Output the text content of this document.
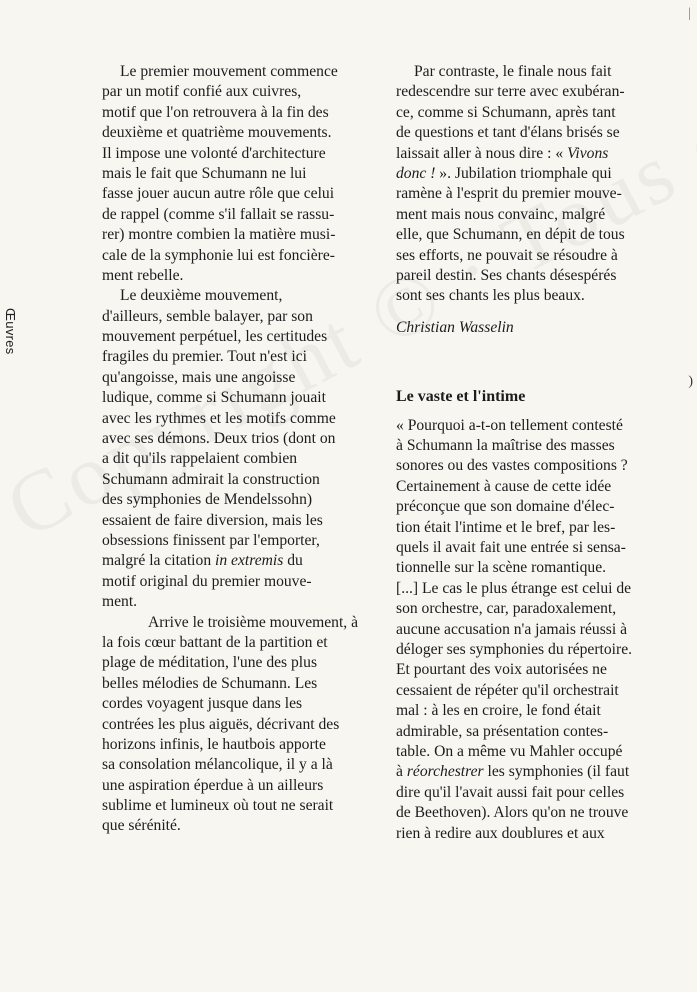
Œuvres
)
|
Le premier mouvement commence
par un motif confié aux cuivres,
motif que l'on retrouvera à la fin des
deuxième et quatrième mouvements.
Il impose une volonté d'architecture
mais le fait que Schumann ne lui
fasse jouer aucun autre rôle que celui
de rappel (comme s'il fallait se rassu-
rer) montre combien la matière musi-
cale de la symphonie lui est foncière-
ment rebelle.
Le deuxième mouvement,
d'ailleurs, semble balayer, par son
mouvement perpétuel, les certitudes
fragiles du premier. Tout n'est ici
qu'angoisse, mais une angoisse
ludique, comme si Schumann jouait
avec les rythmes et les motifs comme
avec ses démons. Deux trios (dont on
a dit qu'ils rappelaient combien
Schumann admirait la construction
des symphonies de Mendelssohn)
essaient de faire diversion, mais les
obsessions finissent par l'emporter,
malgré la citation in extremis du
motif original du premier mouve-
ment.
Arrive le troisième mouvement, à
la fois cœur battant de la partition et
plage de méditation, l'une des plus
belles mélodies de Schumann. Les
cordes voyagent jusque dans les
contrées les plus aiguës, décrivant des
horizons infinis, le hautbois apporte
sa consolation mélancolique, il y a là
une aspiration éperdue à un ailleurs
sublime et lumineux où tout ne serait
que sérénité.
Par contraste, le finale nous fait
redescendre sur terre avec exubéran-
ce, comme si Schumann, après tant
de questions et tant d'élans brisés se
laissait aller à nous dire : « Vivons
donc ! ». Jubilation triomphale qui
ramène à l'esprit du premier mouve-
ment mais nous convainc, malgré
elle, que Schumann, en dépit de tous
ses efforts, ne pouvait se résoudre à
pareil destin. Ses chants désespérés
sont ses chants les plus beaux.
Christian Wasselin
Le vaste et l'intime
« Pourquoi a-t-on tellement contesté
à Schumann la maîtrise des masses
sonores ou des vastes compositions ?
Certainement à cause de cette idée
préconçue que son domaine d'élec-
tion était l'intime et le bref, par les-
quels il avait fait une entrée si sensa-
tionnelle sur la scène romantique.
[...] Le cas le plus étrange est celui de
son orchestre, car, paradoxalement,
aucune accusation n'a jamais réussi à
déloger ses symphonies du répertoire.
Et pourtant des voix autorisées ne
cessaient de répéter qu'il orchestrait
mal : à les en croire, le fond était
admirable, sa présentation contes-
table. On a même vu Mahler occupé
à réorchestrer les symphonies (il faut
dire qu'il l'avait aussi fait pour celles
de Beethoven). Alors qu'on ne trouve
rien à redire aux doublures et aux
